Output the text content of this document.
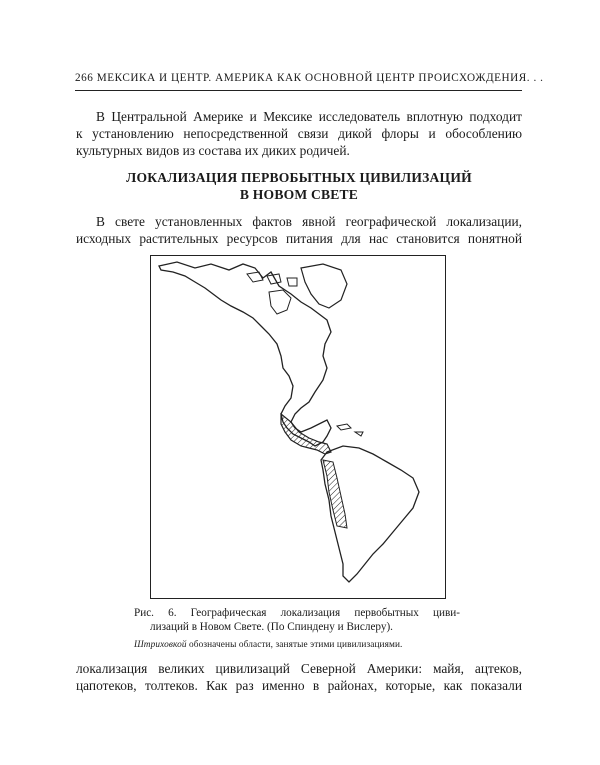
266 МЕКСИКА И ЦЕНТР. АМЕРИКА КАК ОСНОВНОЙ ЦЕНТР ПРОИСХОЖДЕНИЯ. . .
В Центральной Америке и Мексике исследователь вплотную подходит
к установлению непосредственной связи дикой флоры и обособлению
культурных видов из состава их диких родичей.
ЛОКАЛИЗАЦИЯ ПЕРВОБЫТНЫХ ЦИВИЛИЗАЦИЙ
В НОВОМ СВЕТЕ
В свете установленных фактов явной географической локализации,
исходных растительных ресурсов питания для нас становится понятной
Рис. 6. Географическая локализация первобытных циви-
лизаций в Новом Свете. (По Спиндену и Вислеру).
Штриховкой обозначены области, занятые этими цивилизациями.
локализация великих цивилизаций Северной Америки: майя, ацтеков,
цапотеков, толтеков. Как раз именно в районах, которые, как показали
